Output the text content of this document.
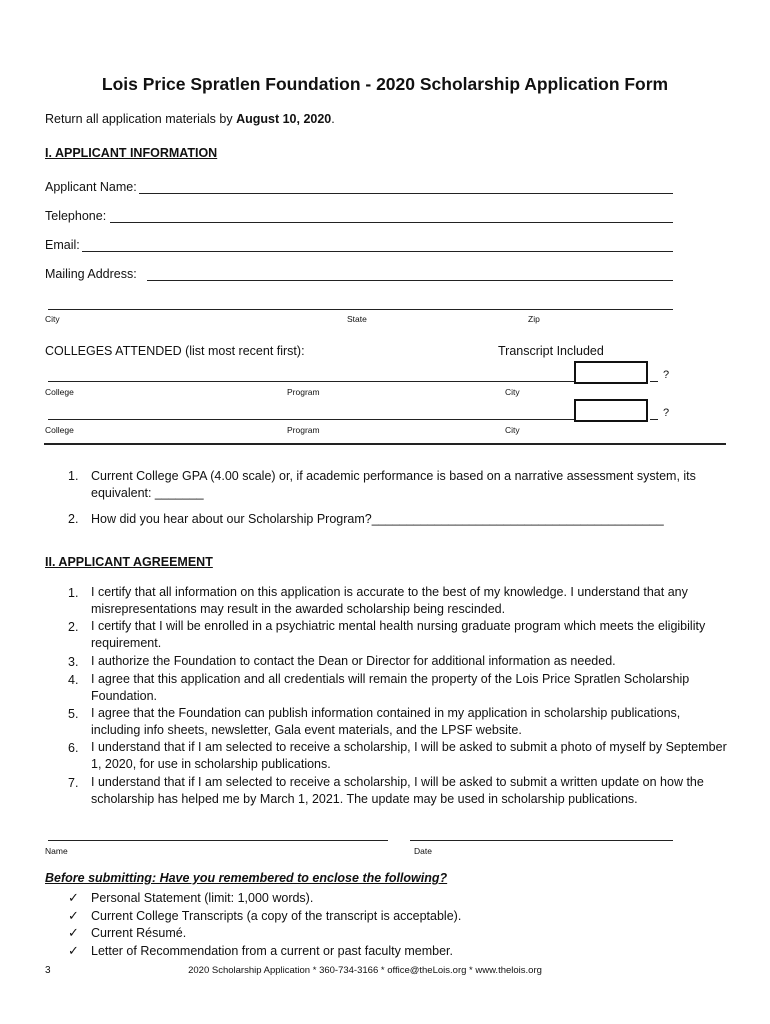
Lois Price Spratlen Foundation - 2020 Scholarship Application Form
Return all application materials by August 10, 2020.
I. APPLICANT INFORMATION
Applicant Name:
Telephone:
Email:
Mailing Address:
City	State	Zip
COLLEGES ATTENDED (list most recent first):	Transcript Included
?
College	Program	City
?
College	Program	City
1. Current College GPA (4.00 scale) or, if academic performance is based on a narrative assessment system, its equivalent: _______
2. How did you hear about our Scholarship Program?__________________________________________
II. APPLICANT AGREEMENT
1. I certify that all information on this application is accurate to the best of my knowledge. I understand that any misrepresentations may result in the awarded scholarship being rescinded.
2. I certify that I will be enrolled in a psychiatric mental health nursing graduate program which meets the eligibility requirement.
3. I authorize the Foundation to contact the Dean or Director for additional information as needed.
4. I agree that this application and all credentials will remain the property of the Lois Price Spratlen Scholarship Foundation.
5. I agree that the Foundation can publish information contained in my application in scholarship publications, including info sheets, newsletter, Gala event materials, and the LPSF website.
6. I understand that if I am selected to receive a scholarship, I will be asked to submit a photo of myself by September 1, 2020, for use in scholarship publications.
7. I understand that if I am selected to receive a scholarship, I will be asked to submit a written update on how the scholarship has helped me by March 1, 2021. The update may be used in scholarship publications.
Name	Date
Before submitting: Have you remembered to enclose the following?
✓ Personal Statement (limit: 1,000 words).
✓ Current College Transcripts (a copy of the transcript is acceptable).
✓ Current Résumé.
✓ Letter of Recommendation from a current or past faculty member.
3	2020 Scholarship Application * 360-734-3166 * office@theLois.org * www.thelois.org
